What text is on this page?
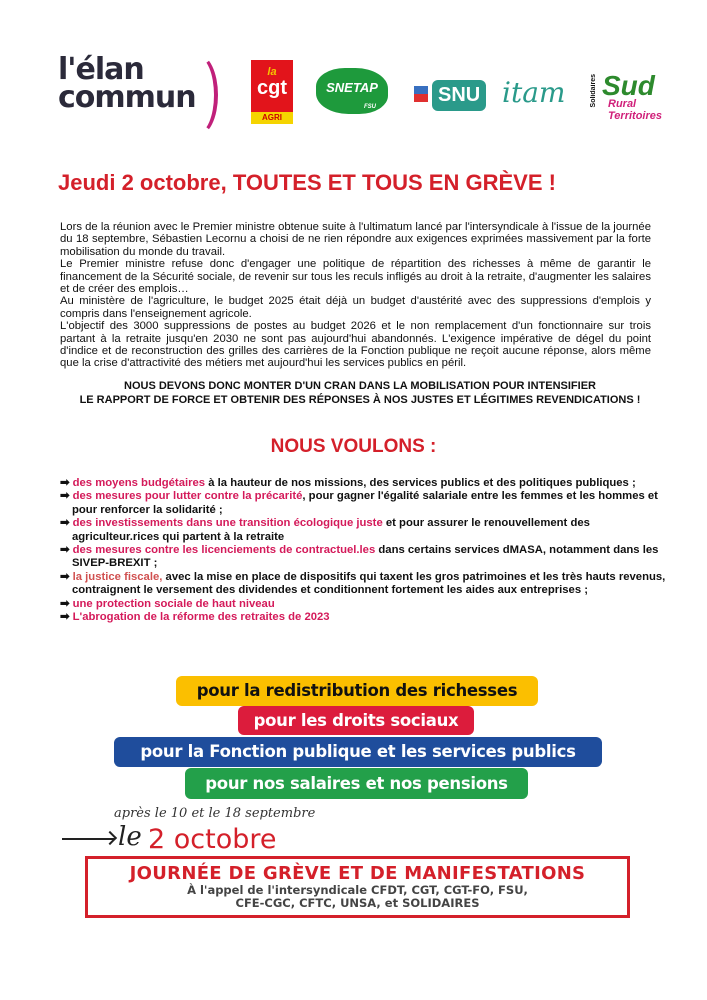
l'élan
commun
la
cgt
AGRI
SNETAP
FSU
SNU itam	Solidaires Sud
Rural Territoires
Jeudi 2 octobre, TOUTES ET TOUS EN GRÈVE !

Lors de la réunion avec le Premier ministre obtenue suite à l'ultimatum lancé par l'intersyndicale à l'issue de la journée du 18 septembre, Sébastien Lecornu a choisi de ne rien répondre aux exigences exprimées massivement par la forte mobilisation du monde du travail.

Le Premier ministre refuse donc d'engager une politique de répartition des richesses à même de garantir le financement de la Sécurité sociale, de revenir sur tous les reculs infligés au droit à la retraite, d'augmenter les salaires et de créer des emplois…

Au ministère de l'agriculture, le budget 2025 était déjà un budget d'austérité avec des suppressions d'emplois y compris dans l'enseignement agricole.

L'objectif des 3000 suppressions de postes au budget 2026 et le non remplacement d'un fonctionnaire sur trois partant à la retraite jusqu'en 2030 ne sont pas aujourd'hui abandonnés. L'exigence impérative de dégel du point d'indice et de reconstruction des grilles des carrières de la Fonction publique ne reçoit aucune réponse, alors même que la crise d'attractivité des métiers met aujourd'hui les services publics en péril.

NOUS DEVONS DONC MONTER D'UN CRAN DANS LA MOBILISATION POUR INTENSIFIER
LE RAPPORT DE FORCE ET OBTENIR DES RÉPONSES À NOS JUSTES ET LÉGITIMES REVENDICATIONS !
NOUS VOULONS :
➡ des moyens budgétaires à la hauteur de nos missions, des services publics et des politiques publiques ;
➡ des mesures pour lutter contre la précarité, pour gagner l'égalité salariale entre les femmes et les hommes et pour renforcer la solidarité ;
➡ des investissements dans une transition écologique juste et pour assurer le renouvellement des agriculteur.rices qui partent à la retraite
➡ des mesures contre les licenciements de contractuel.les dans certains services dMASA, notamment dans les SIVEP-BREXIT ;
➡ la justice fiscale, avec la mise en place de dispositifs qui taxent les gros patrimoines et les très hauts revenus, contraignent le versement des dividendes et conditionnent fortement les aides aux entreprises ;
➡ une protection sociale de haut niveau
➡ L'abrogation de la réforme des retraites de 2023
pour la redistribution des richesses
pour les droits sociaux
pour la Fonction publique et les services publics
pour nos salaires et nos pensions
après le 10 et le 18 septembre
le 2 octobre
JOURNÉE DE GRÈVE ET DE MANIFESTATIONS
À l'appel de l'intersyndicale CFDT, CGT, CGT-FO, FSU,
CFE-CGC, CFTC, UNSA, et SOLIDAIRES
